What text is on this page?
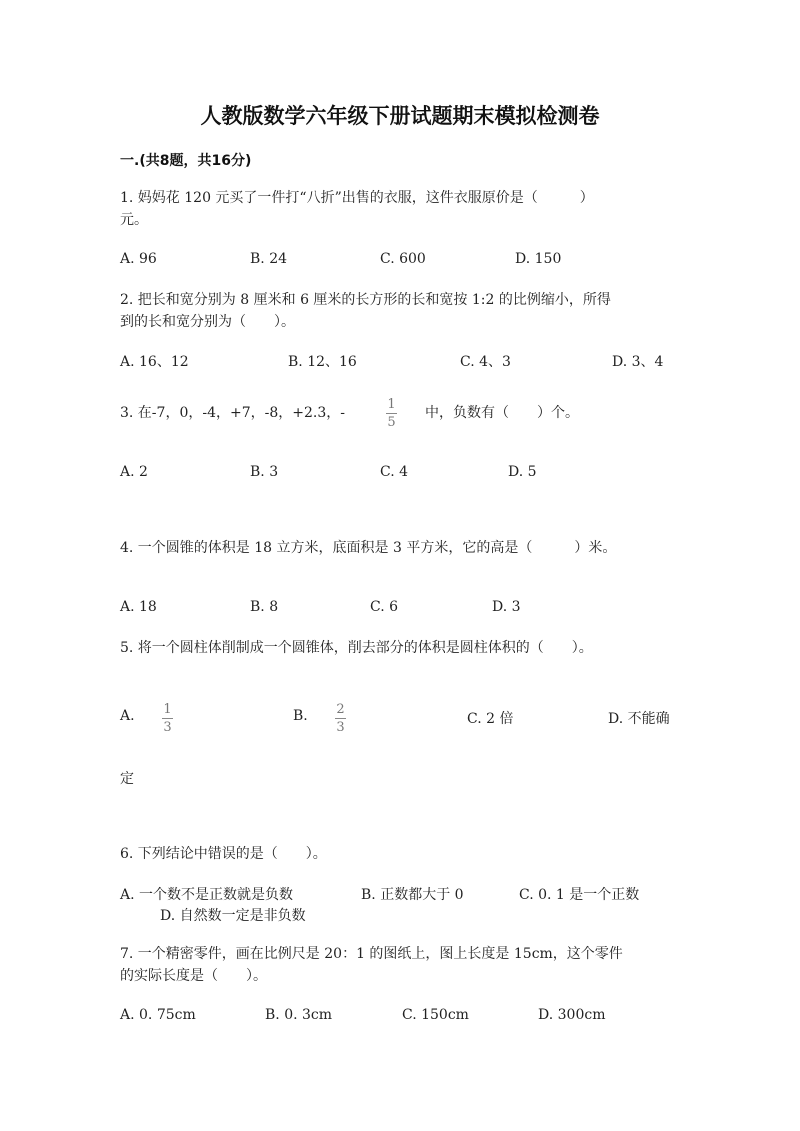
人教版数学六年级下册试题期末模拟检测卷
一.(共8题，共16分)
1. 妈妈花 120 元买了一件打“八折”出售的衣服，这件衣服原价是（　　　）
元。
A. 96	B. 24	C. 600	D. 150
2. 把长和宽分别为 8 厘米和 6 厘米的长方形的长和宽按 1:2 的比例缩小，所得
到的长和宽分别为（　　）。
A. 16、12	B. 12、16	C. 4、3	D. 3、4
3. 在-7，0，-4，+7，-8，+2.3，-
1
5
中，负数有（　　）个。
A. 2	B. 3	C. 4	D. 5
4. 一个圆锥的体积是 18 立方米，底面积是 3 平方米，它的高是（　　　）米。
A. 18	B. 8	C. 6	D. 3
5. 将一个圆柱体削制成一个圆锥体，削去部分的体积是圆柱体积的（　　）。
A. 1
3
B. 2
3
C. 2 倍	D. 不能确
定
6. 下列结论中错误的是（　　）。
A. 一个数不是正数就是负数	B. 正数都大于 0	C. 0. 1 是一个正数
D. 自然数一定是非负数
7. 一个精密零件，画在比例尺是 20：1 的图纸上，图上长度是 15cm，这个零件
的实际长度是（　　）。
A. 0. 75cm	B. 0. 3cm	C. 150cm	D. 300cm
